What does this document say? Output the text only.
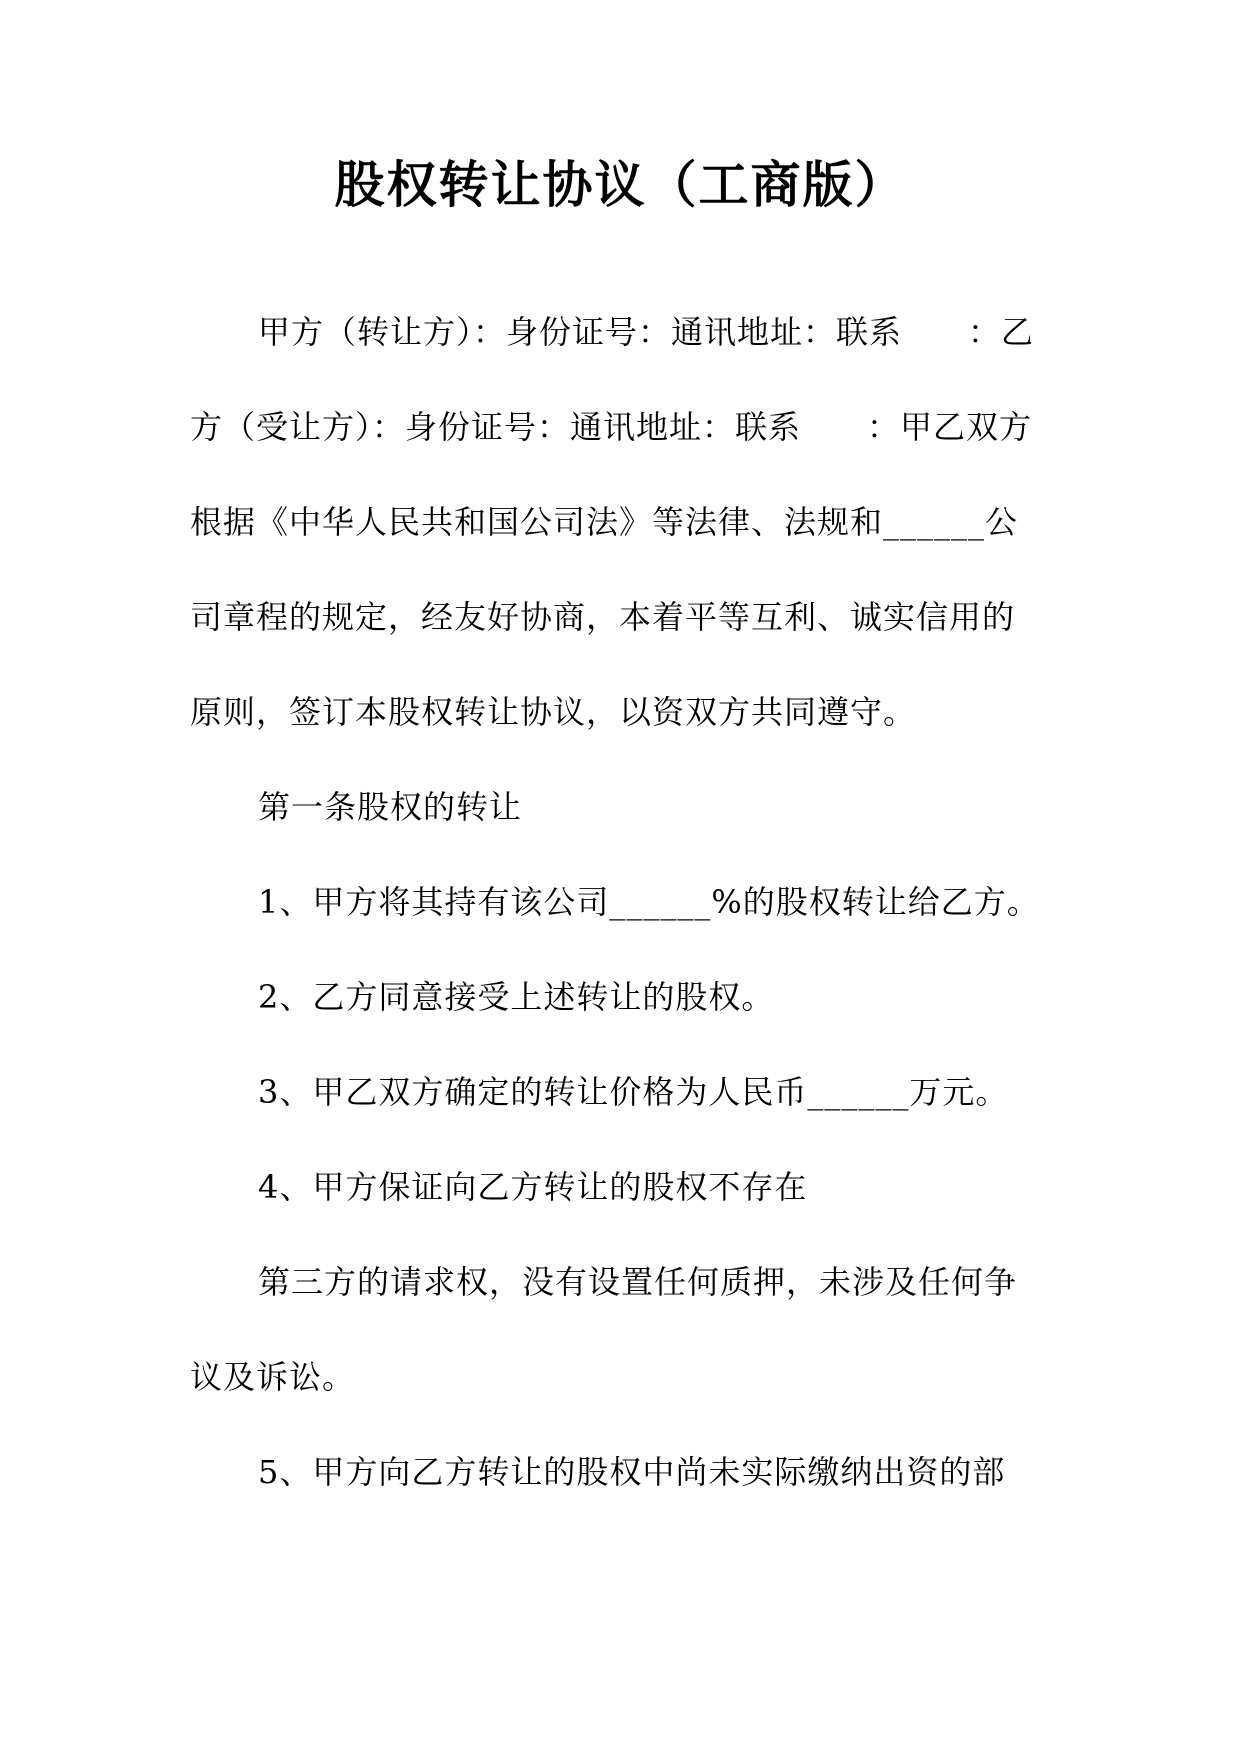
股权转让协议（工商版）
甲方（转让方）：身份证号：通讯地址：联系　　：乙
方（受让方）：身份证号：通讯地址：联系　　：甲乙双方
根据《中华人民共和国公司法》等法律、法规和______公
司章程的规定，经友好协商，本着平等互利、诚实信用的
原则，签订本股权转让协议，以资双方共同遵守。
第一条股权的转让
1、甲方将其持有该公司______%的股权转让给乙方。
2、乙方同意接受上述转让的股权。
3、甲乙双方确定的转让价格为人民币______万元。
4、甲方保证向乙方转让的股权不存在
第三方的请求权，没有设置任何质押，未涉及任何争
议及诉讼。
5、甲方向乙方转让的股权中尚未实际缴纳出资的部
